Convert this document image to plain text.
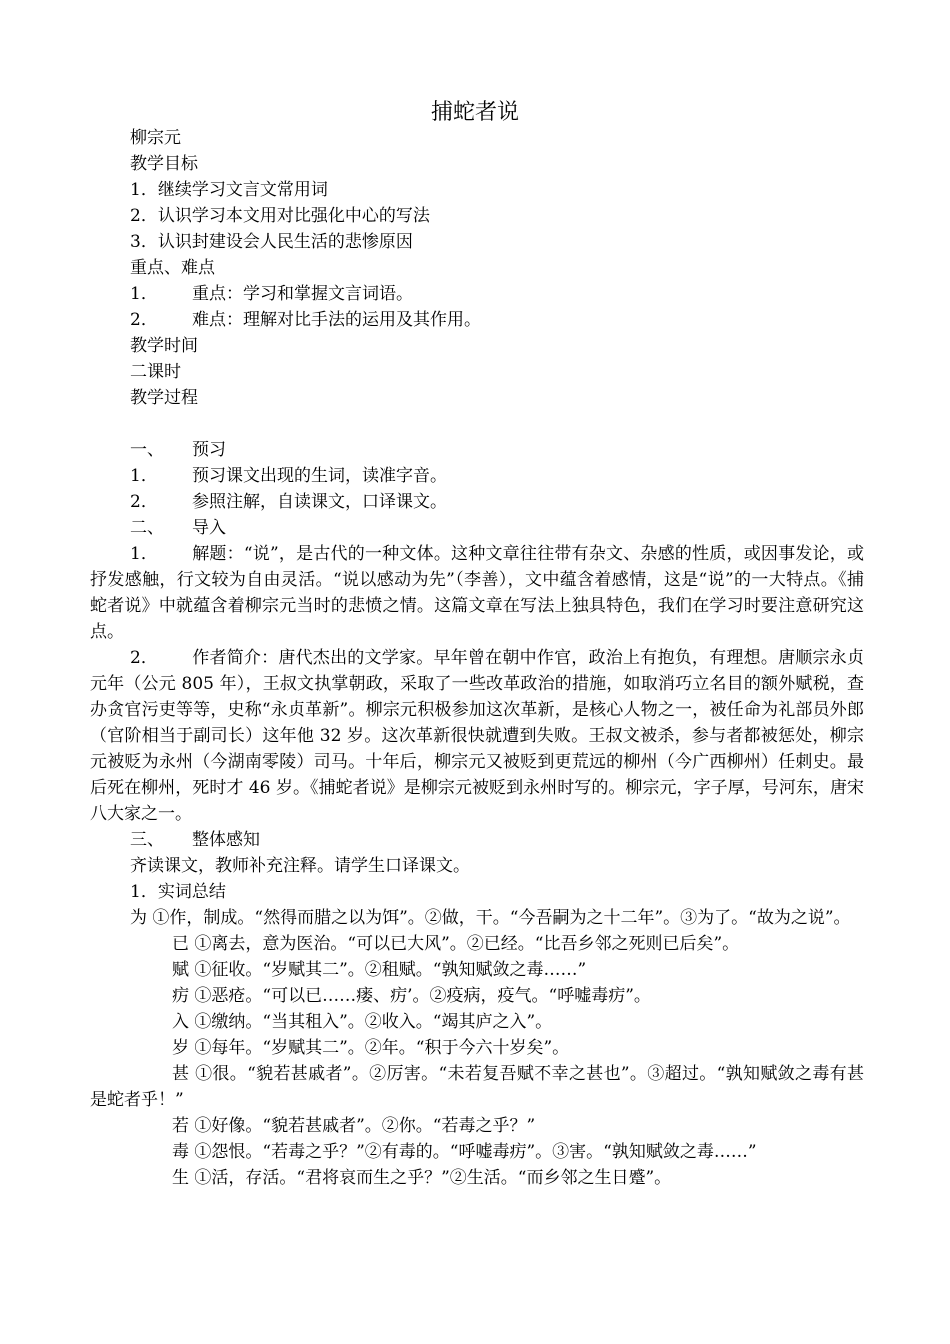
捕蛇者说

柳宗元

教学目标

1．继续学习文言文常用词

2．认识学习本文用对比强化中心的写法

3．认识封建设会人民生活的悲惨原因

重点、难点

1． 重点：学习和掌握文言词语。

2． 难点：理解对比手法的运用及其作用。

教学时间

二课时

教学过程

一、 预习

1． 预习课文出现的生词，读准字音。

2． 参照注解，自读课文，口译课文。

二、 导入

1． 解题：“说”，是古代的一种文体。这种文章往往带有杂文、杂感的性质，或因事发论，或抒发感触，行文较为自由灵活。“说以感动为先”（李善），文中蕴含着感情，这是“说”的一大特点。《捕蛇者说》中就蕴含着柳宗元当时的悲愤之情。这篇文章在写法上独具特色，我们在学习时要注意研究这点。

2． 作者简介：唐代杰出的文学家。早年曾在朝中作官，政治上有抱负，有理想。唐顺宗永贞元年（公元 805 年），王叔文执掌朝政，采取了一些改革政治的措施，如取消巧立名目的额外赋税，查办贪官污吏等等，史称“永贞革新”。柳宗元积极参加这次革新，是核心人物之一，被任命为礼部员外郎（官阶相当于副司长）这年他 32 岁。这次革新很快就遭到失败。王叔文被杀，参与者都被惩处，柳宗元被贬为永州（今湖南零陵）司马。十年后，柳宗元又被贬到更荒远的柳州（今广西柳州）任刺史。最后死在柳州，死时才 46 岁。《捕蛇者说》是柳宗元被贬到永州时写的。柳宗元，字子厚，号河东，唐宋八大家之一。

三、 整体感知

齐读课文，教师补充注释。请学生口译课文。

1．实词总结

为 ①作，制成。“然得而腊之以为饵”。②做，干。“今吾嗣为之十二年”。③为了。“故为之说”。

已 ①离去，意为医治。“可以已大风”。②已经。“比吾乡邻之死则已后矣”。

赋 ①征收。“岁赋其二”。②租赋。“孰知赋敛之毒……”

疠 ①恶疮。“可以已……瘘、疠’。②疫病，疫气。“呼嘘毒疠”。

入 ①缴纳。“当其租入”。②收入。“竭其庐之入”。

岁 ①每年。“岁赋其二”。②年。“积于今六十岁矣”。

甚 ①很。“貌若甚戚者”。②厉害。“未若复吾赋不幸之甚也”。③超过。“孰知赋敛之毒有甚是蛇者乎！”

若 ①好像。“貌若甚戚者”。②你。“若毒之乎？”

毒 ①怨恨。“若毒之乎？”②有毒的。“呼嘘毒疠”。③害。“孰知赋敛之毒……”

生 ①活，存活。“君将哀而生之乎？”②生活。“而乡邻之生日蹙”。
